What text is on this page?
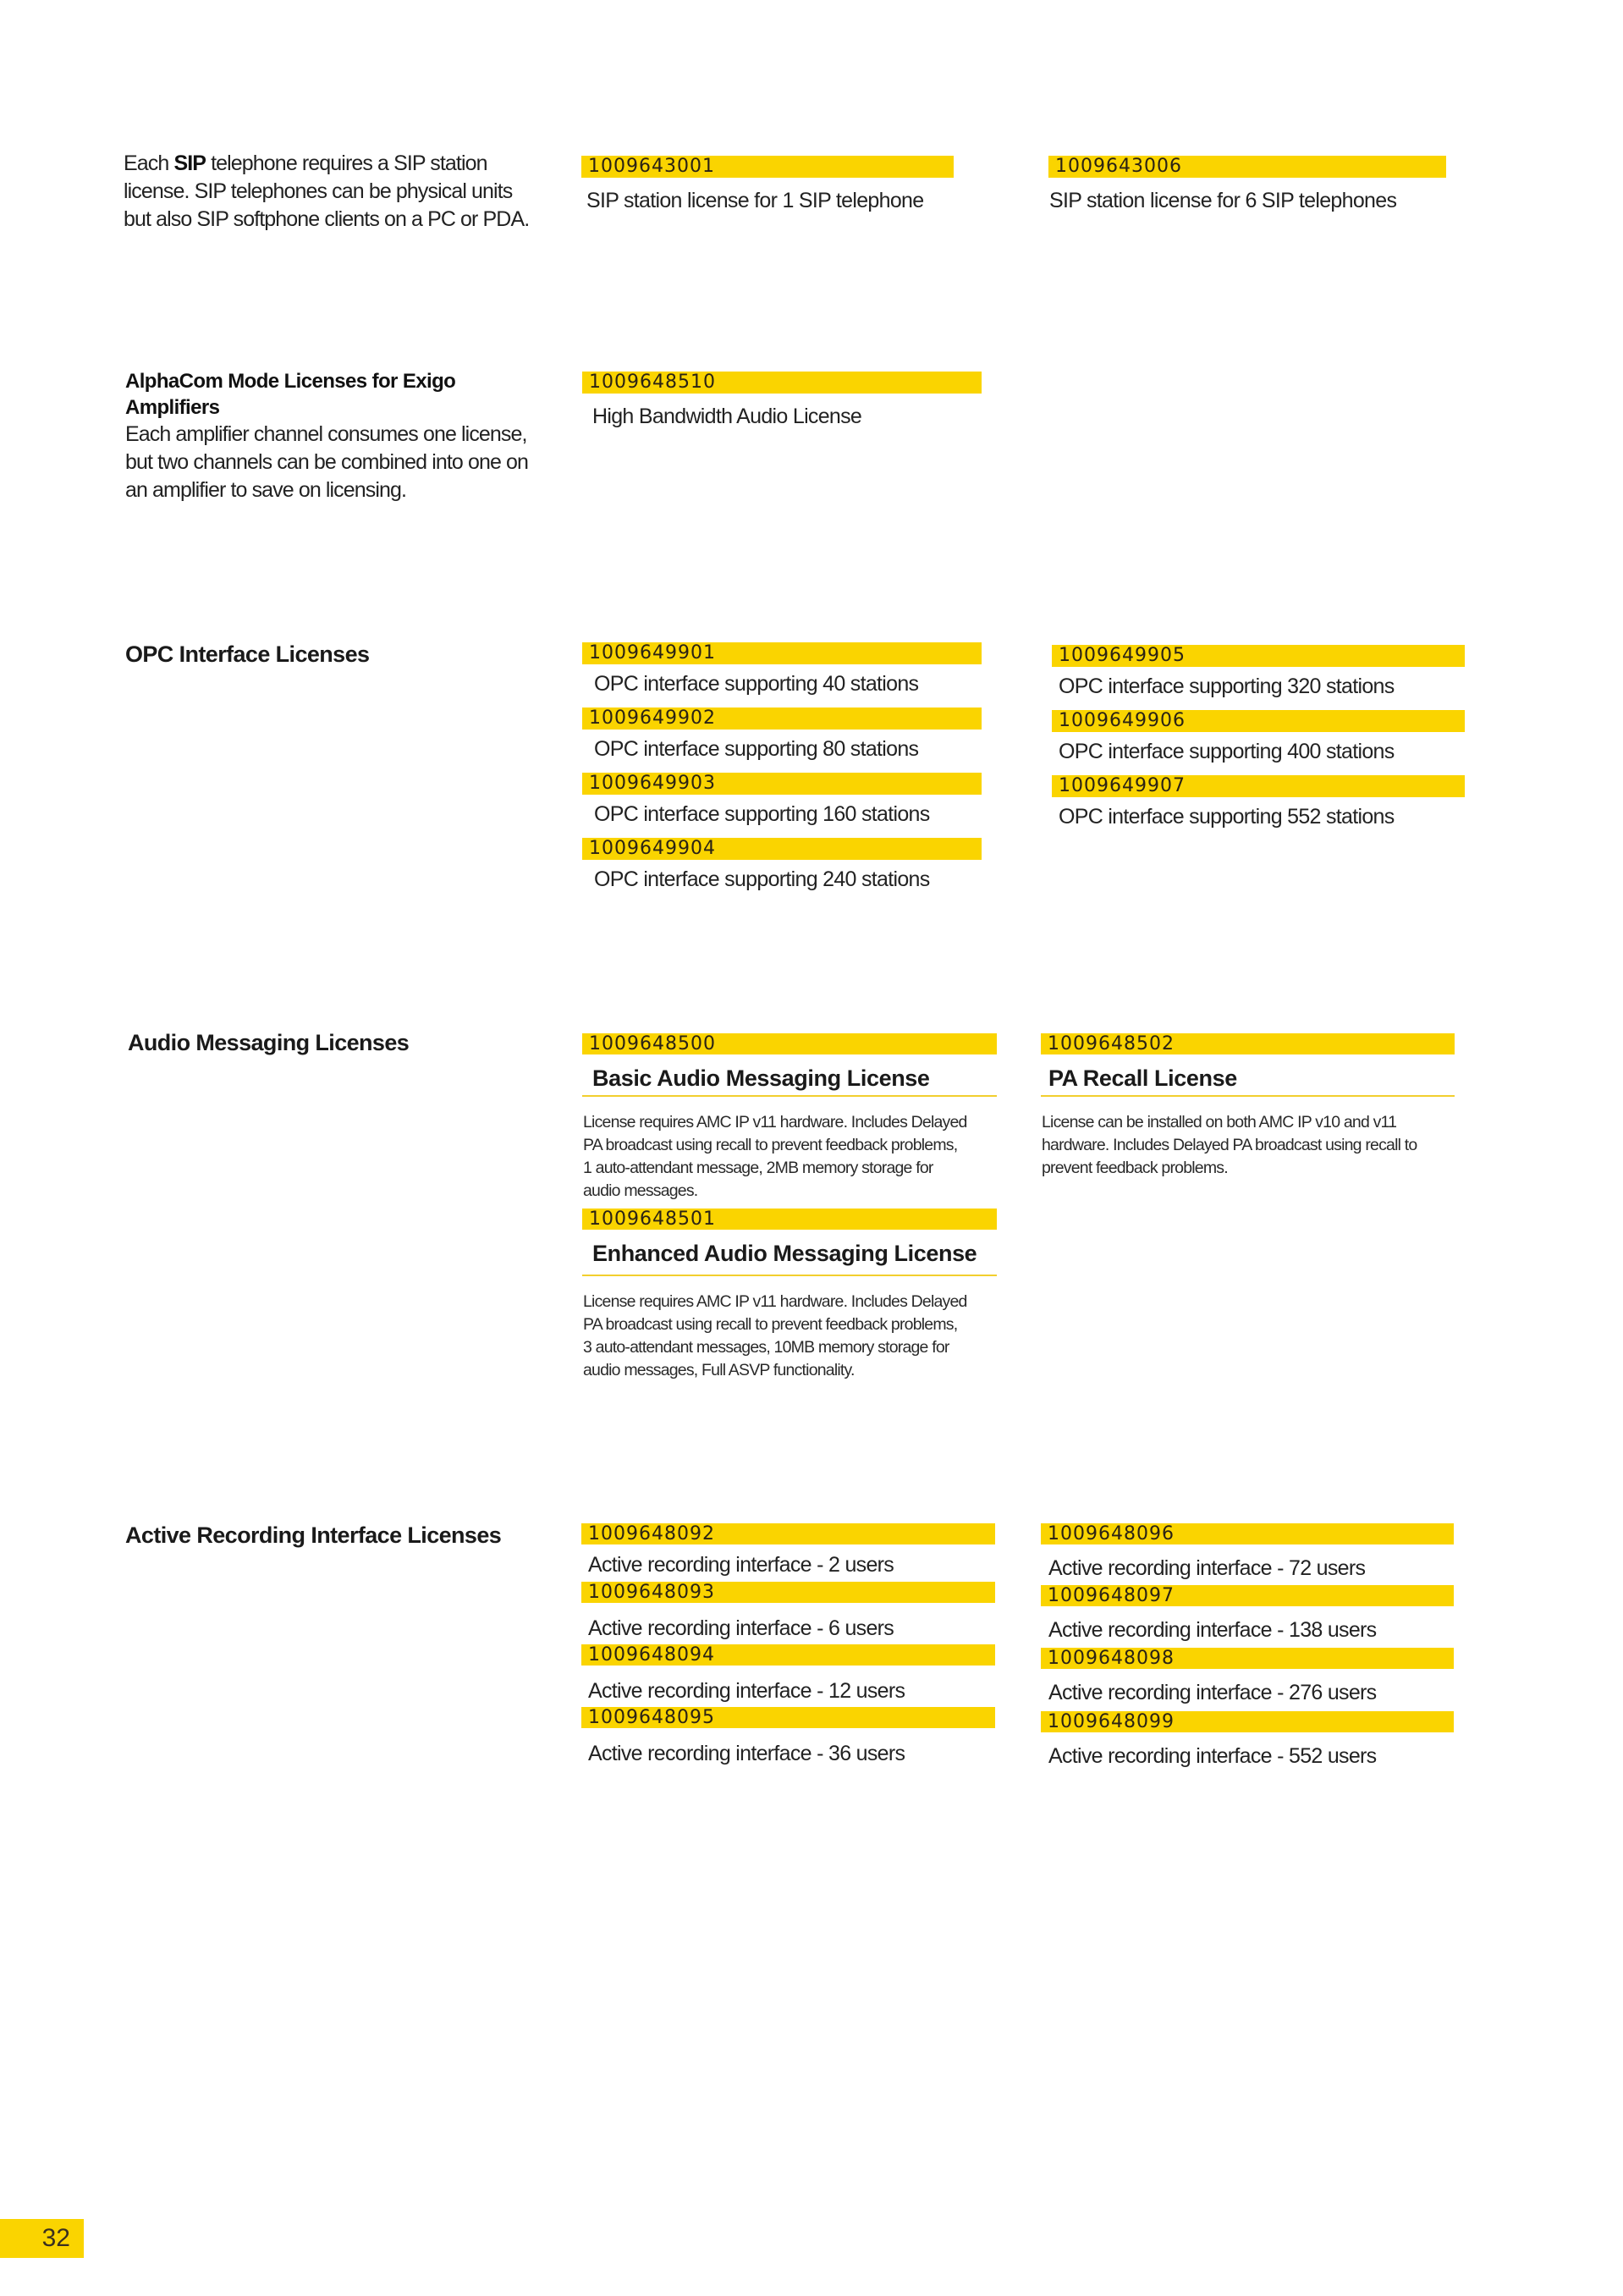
Each SIP telephone requires a SIP station
license. SIP telephones can be physical units
but also SIP softphone clients on a PC or PDA.
1009643001
SIP station license for 1 SIP telephone
1009643006
SIP station license for 6 SIP telephones
AlphaCom Mode Licenses for Exigo
Amplifiers
Each amplifier channel consumes one license,
but two channels can be combined into one on
an amplifier to save on licensing.
1009648510
High Bandwidth Audio License
OPC Interface Licenses	1009649901
OPC interface supporting 40 stations
1009649902
OPC interface supporting 80 stations
1009649903
OPC interface supporting 160 stations
1009649904
OPC interface supporting 240 stations
1009649905
OPC interface supporting 320 stations
1009649906
OPC interface supporting 400 stations
1009649907
OPC interface supporting 552 stations
Audio Messaging Licenses	1009648500
Basic Audio Messaging License
License requires AMC IP v11 hardware. Includes Delayed
PA broadcast using recall to prevent feedback problems,
1 auto-attendant message, 2MB memory storage for
audio messages.
1009648501
Enhanced Audio Messaging License
License requires AMC IP v11 hardware. Includes Delayed
PA broadcast using recall to prevent feedback problems,
3 auto-attendant messages, 10MB memory storage for
audio messages, Full ASVP functionality.
1009648502
PA Recall License
License can be installed on both AMC IP v10 and v11
hardware. Includes Delayed PA broadcast using recall to
prevent feedback problems.
Active Recording Interface Licenses	1009648092
Active recording interface - 2 users
1009648093
Active recording interface - 6 users
1009648094
Active recording interface - 12 users
1009648095
Active recording interface - 36 users
1009648096
Active recording interface - 72 users
1009648097
Active recording interface - 138 users
1009648098
Active recording interface - 276 users
1009648099
Active recording interface - 552 users
32
